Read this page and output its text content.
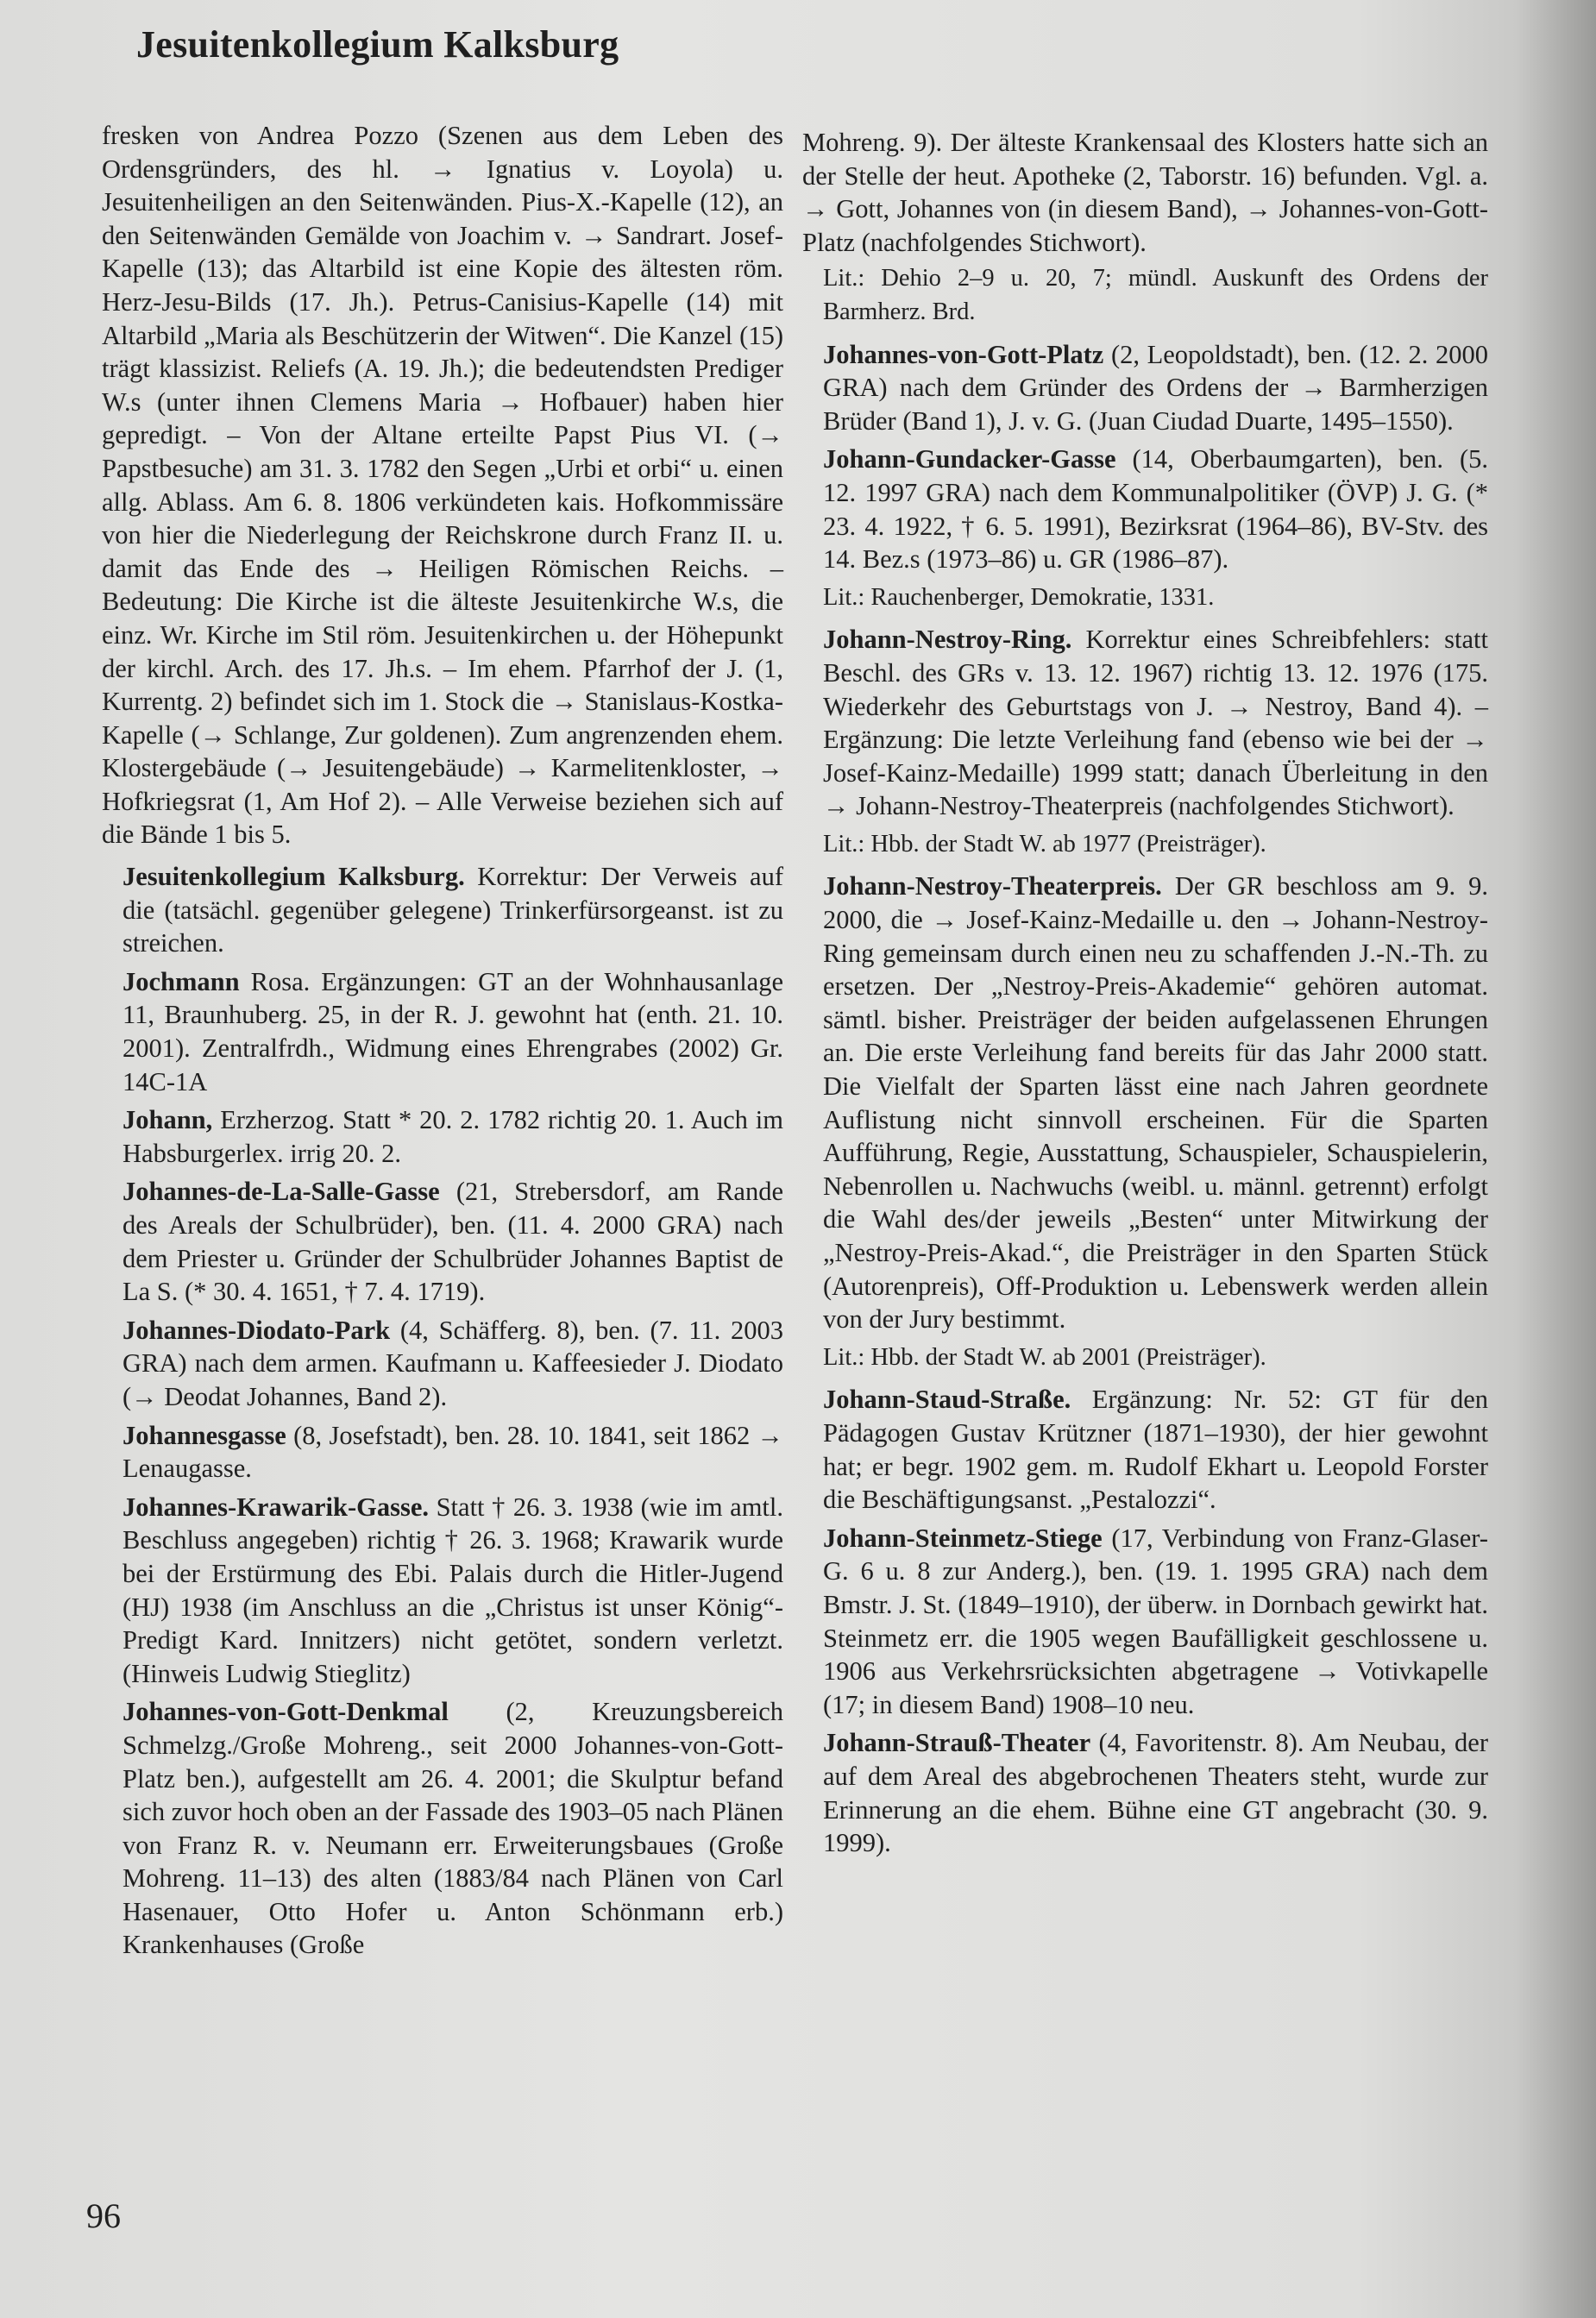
Jesuitenkollegium Kalksburg

fresken von Andrea Pozzo (Szenen aus dem Leben des Ordensgründers, des hl. → Ignatius v. Loyola) u. Jesuitenheiligen an den Seitenwänden. Pius-X.-Kapelle (12), an den Seitenwänden Gemälde von Joachim v. → Sandrart. Josef-Kapelle (13); das Altarbild ist eine Kopie des ältesten röm. Herz-Jesu-Bilds (17. Jh.). Petrus-Canisius-Kapelle (14) mit Altarbild „Maria als Beschützerin der Witwen“. Die Kanzel (15) trägt klassizist. Reliefs (A. 19. Jh.); die bedeutendsten Prediger W.s (unter ihnen Clemens Maria → Hofbauer) haben hier gepredigt. – Von der Altane erteilte Papst Pius VI. (→ Papstbesuche) am 31. 3. 1782 den Segen „Urbi et orbi“ u. einen allg. Ablass. Am 6. 8. 1806 verkündeten kais. Hofkommissäre von hier die Niederlegung der Reichskrone durch Franz II. u. damit das Ende des → Heiligen Römischen Reichs. – Bedeutung: Die Kirche ist die älteste Jesuitenkirche W.s, die einz. Wr. Kirche im Stil röm. Jesuitenkirchen u. der Höhepunkt der kirchl. Arch. des 17. Jh.s. – Im ehem. Pfarrhof der J. (1, Kurrentg. 2) befindet sich im 1. Stock die → Stanislaus-Kostka-Kapelle (→ Schlange, Zur goldenen). Zum angrenzenden ehem. Klostergebäude (→ Jesuitengebäude) → Karmelitenkloster, → Hofkriegsrat (1, Am Hof 2). – Alle Verweise beziehen sich auf die Bände 1 bis 5.

Jesuitenkollegium Kalksburg. Korrektur: Der Verweis auf die (tatsächl. gegenüber gelegene) Trinkerfürsorgeanst. ist zu streichen.

Jochmann Rosa. Ergänzungen: GT an der Wohnhausanlage 11, Braunhuberg. 25, in der R. J. gewohnt hat (enth. 21. 10. 2001). Zentralfrdh., Widmung eines Ehrengrabes (2002) Gr. 14C-1A

Johann, Erzherzog. Statt * 20. 2. 1782 richtig 20. 1. Auch im Habsburgerlex. irrig 20. 2.

Johannes-de-La-Salle-Gasse (21, Strebersdorf, am Rande des Areals der Schulbrüder), ben. (11. 4. 2000 GRA) nach dem Priester u. Gründer der Schulbrüder Johannes Baptist de La S. (* 30. 4. 1651, † 7. 4. 1719).

Johannes-Diodato-Park (4, Schäfferg. 8), ben. (7. 11. 2003 GRA) nach dem armen. Kaufmann u. Kaffeesieder J. Diodato (→ Deodat Johannes, Band 2).

Johannesgasse (8, Josefstadt), ben. 28. 10. 1841, seit 1862 → Lenaugasse.

Johannes-Krawarik-Gasse. Statt † 26. 3. 1938 (wie im amtl. Beschluss angegeben) richtig † 26. 3. 1968; Krawarik wurde bei der Erstürmung des Ebi. Palais durch die Hitler-Jugend (HJ) 1938 (im Anschluss an die „Christus ist unser König“-Predigt Kard. Innitzers) nicht getötet, sondern verletzt. (Hinweis Ludwig Stieglitz)

Johannes-von-Gott-Denkmal (2, Kreuzungsbereich Schmelzg./Große Mohreng., seit 2000 Johannes-von-Gott-Platz ben.), aufgestellt am 26. 4. 2001; die Skulptur befand sich zuvor hoch oben an der Fassade des 1903–05 nach Plänen von Franz R. v. Neumann err. Erweiterungsbaues (Große Mohreng. 11–13) des alten (1883/84 nach Plänen von Carl Hasenauer, Otto Hofer u. Anton Schönmann erb.) Krankenhauses (Große

Mohreng. 9). Der älteste Krankensaal des Klosters hatte sich an der Stelle der heut. Apotheke (2, Taborstr. 16) befunden. Vgl. a. → Gott, Johannes von (in diesem Band), → Johannes-von-Gott-Platz (nachfolgendes Stichwort).

Lit.: Dehio 2–9 u. 20, 7; mündl. Auskunft des Ordens der Barmherz. Brd.

Johannes-von-Gott-Platz (2, Leopoldstadt), ben. (12. 2. 2000 GRA) nach dem Gründer des Ordens der → Barmherzigen Brüder (Band 1), J. v. G. (Juan Ciudad Duarte, 1495–1550).

Johann-Gundacker-Gasse (14, Oberbaumgarten), ben. (5. 12. 1997 GRA) nach dem Kommunalpolitiker (ÖVP) J. G. (* 23. 4. 1922, † 6. 5. 1991), Bezirksrat (1964–86), BV-Stv. des 14. Bez.s (1973–86) u. GR (1986–87).

Lit.: Rauchenberger, Demokratie, 1331.

Johann-Nestroy-Ring. Korrektur eines Schreibfehlers: statt Beschl. des GRs v. 13. 12. 1967) richtig 13. 12. 1976 (175. Wiederkehr des Geburtstags von J. → Nestroy, Band 4). – Ergänzung: Die letzte Verleihung fand (ebenso wie bei der → Josef-Kainz-Medaille) 1999 statt; danach Überleitung in den → Johann-Nestroy-Theaterpreis (nachfolgendes Stichwort).

Lit.: Hbb. der Stadt W. ab 1977 (Preisträger).

Johann-Nestroy-Theaterpreis. Der GR beschloss am 9. 9. 2000, die → Josef-Kainz-Medaille u. den → Johann-Nestroy-Ring gemeinsam durch einen neu zu schaffenden J.-N.-Th. zu ersetzen. Der „Nestroy-Preis-Akademie“ gehören automat. sämtl. bisher. Preisträger der beiden aufgelassenen Ehrungen an. Die erste Verleihung fand bereits für das Jahr 2000 statt. Die Vielfalt der Sparten lässt eine nach Jahren geordnete Auflistung nicht sinnvoll erscheinen. Für die Sparten Aufführung, Regie, Ausstattung, Schauspieler, Schauspielerin, Nebenrollen u. Nachwuchs (weibl. u. männl. getrennt) erfolgt die Wahl des/der jeweils „Besten“ unter Mitwirkung der „Nestroy-Preis-Akad.“, die Preisträger in den Sparten Stück (Autorenpreis), Off-Produktion u. Lebenswerk werden allein von der Jury bestimmt.

Lit.: Hbb. der Stadt W. ab 2001 (Preisträger).

Johann-Staud-Straße. Ergänzung: Nr. 52: GT für den Pädagogen Gustav Krützner (1871–1930), der hier gewohnt hat; er begr. 1902 gem. m. Rudolf Ekhart u. Leopold Forster die Beschäftigungsanst. „Pestalozzi“.

Johann-Steinmetz-Stiege (17, Verbindung von Franz-Glaser-G. 6 u. 8 zur Anderg.), ben. (19. 1. 1995 GRA) nach dem Bmstr. J. St. (1849–1910), der überw. in Dornbach gewirkt hat. Steinmetz err. die 1905 wegen Baufälligkeit geschlossene u. 1906 aus Verkehrsrücksichten abgetragene → Votivkapelle (17; in diesem Band) 1908–10 neu.

Johann-Strauß-Theater (4, Favoritenstr. 8). Am Neubau, der auf dem Areal des abgebrochenen Theaters steht, wurde zur Erinnerung an die ehem. Bühne eine GT angebracht (30. 9. 1999).

96
